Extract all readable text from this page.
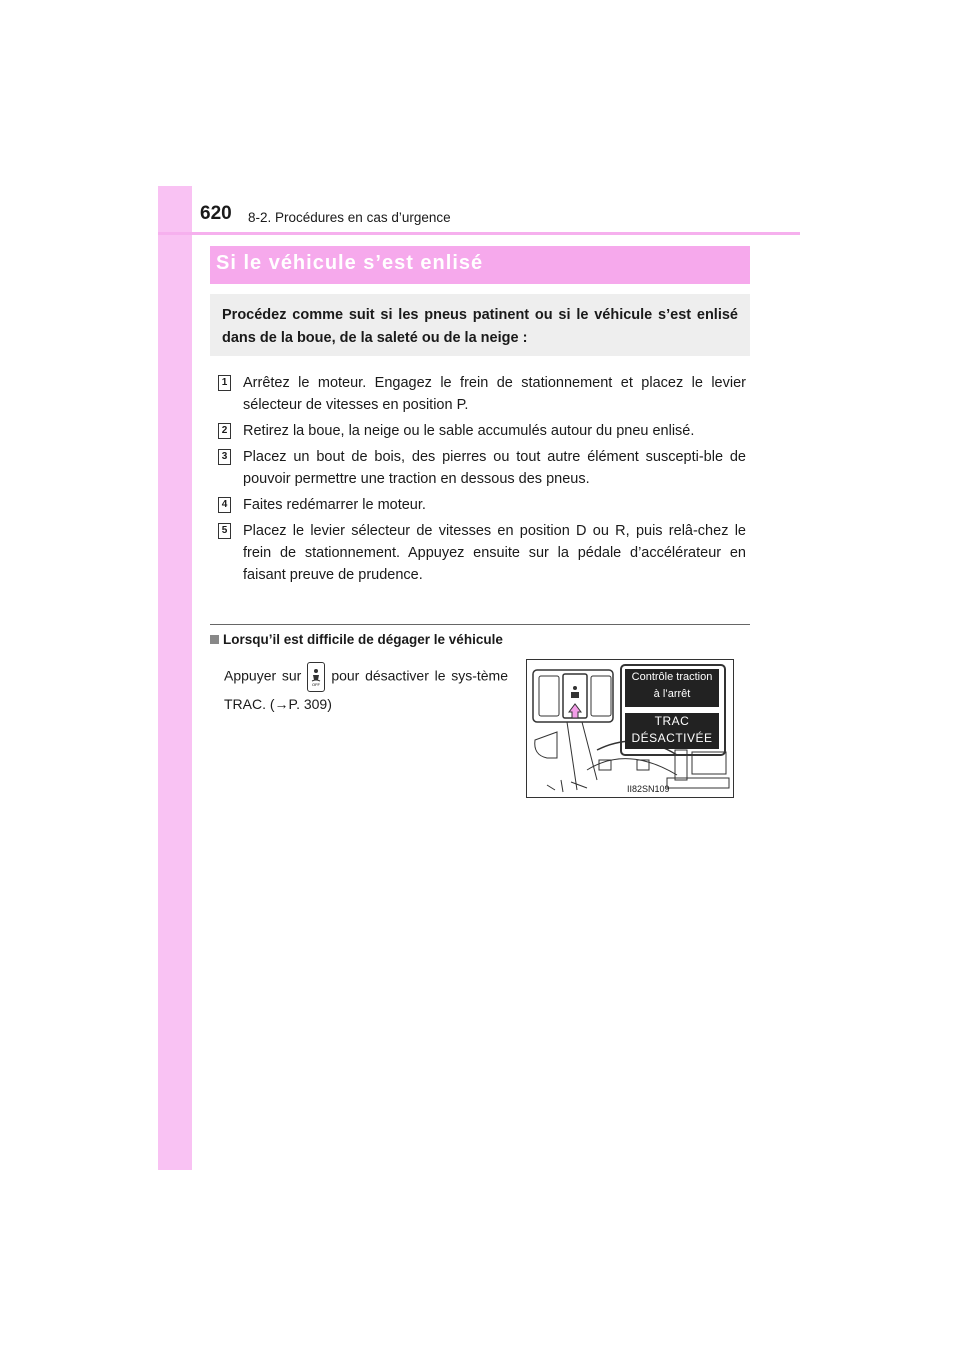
620 8-2. Procédures en cas d’urgence
Si le véhicule s’est enlisé
Procédez comme suit si les pneus patinent ou si le véhicule s’est enlisé dans de la boue, de la saleté ou de la neige :
1 Arrêtez le moteur. Engagez le frein de stationnement et placez le levier sélecteur de vitesses en position P.
2 Retirez la boue, la neige ou le sable accumulés autour du pneu enlisé.
3 Placez un bout de bois, des pierres ou tout autre élément suscepti-ble de pouvoir permettre une traction en dessous des pneus.
4 Faites redémarrer le moteur.
5 Placez le levier sélecteur de vitesses en position D ou R, puis relâ-chez le frein de stationnement. Appuyez ensuite sur la pédale d’accélérateur en faisant preuve de prudence.
Lorsqu’il est difficile de dégager le véhicule
Appuyer sur
OFF
pour désactiver le sys-tème TRAC. (→P. 309)
Contrôle traction
à l’arrêt
TRAC
DÉSACTIVÉE
II82SN109
